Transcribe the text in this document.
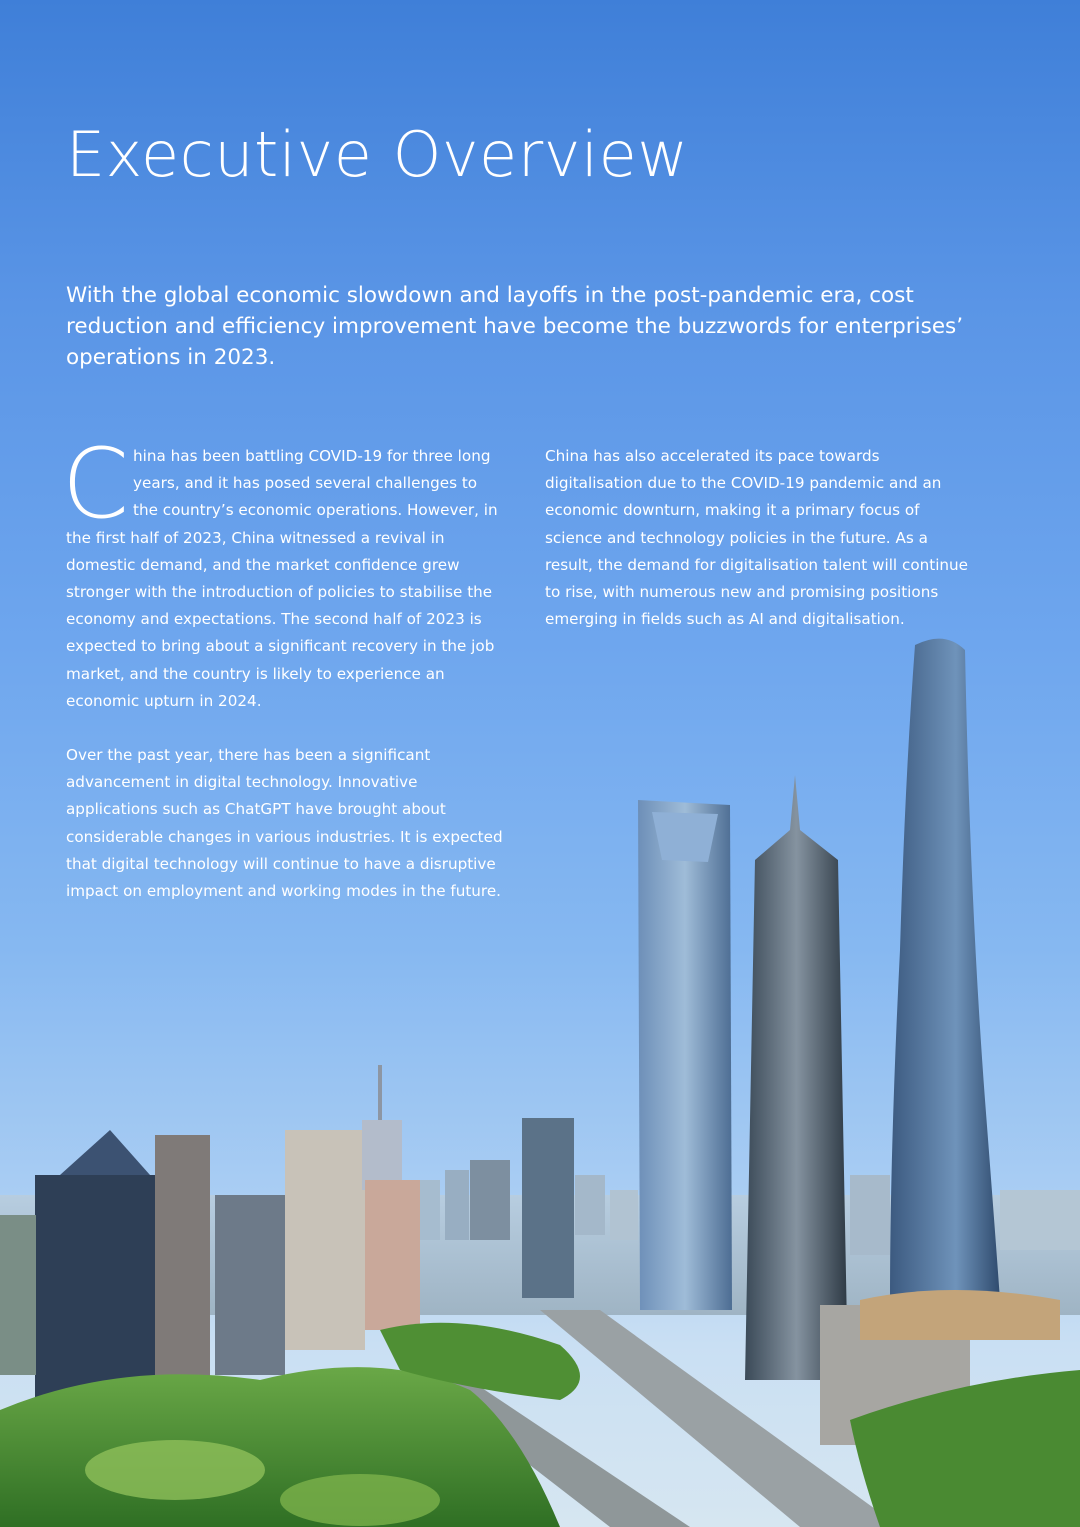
Executive Overview

With the global economic slowdown and layoffs in the post-pandemic era, cost reduction and efficiency improvement have become the buzzwords for enterprises’ operations in 2023.

China has been battling COVID-19 for three long years, and it has posed several challenges to the country’s economic operations. However, in the first half of 2023, China witnessed a revival in domestic demand, and the market confidence grew stronger with the introduction of policies to stabilise the economy and expectations. The second half of 2023 is expected to bring about a significant recovery in the job market, and the country is likely to experience an economic upturn in 2024.

Over the past year, there has been a significant advancement in digital technology. Innovative applications such as ChatGPT have brought about considerable changes in various industries. It is expected that digital technology will continue to have a disruptive impact on employment and working modes in the future.

China has also accelerated its pace towards digitalisation due to the COVID-19 pandemic and an economic downturn, making it a primary focus of science and technology policies in the future. As a result, the demand for digitalisation talent will continue to rise, with numerous new and promising positions emerging in fields such as AI and digitalisation.
